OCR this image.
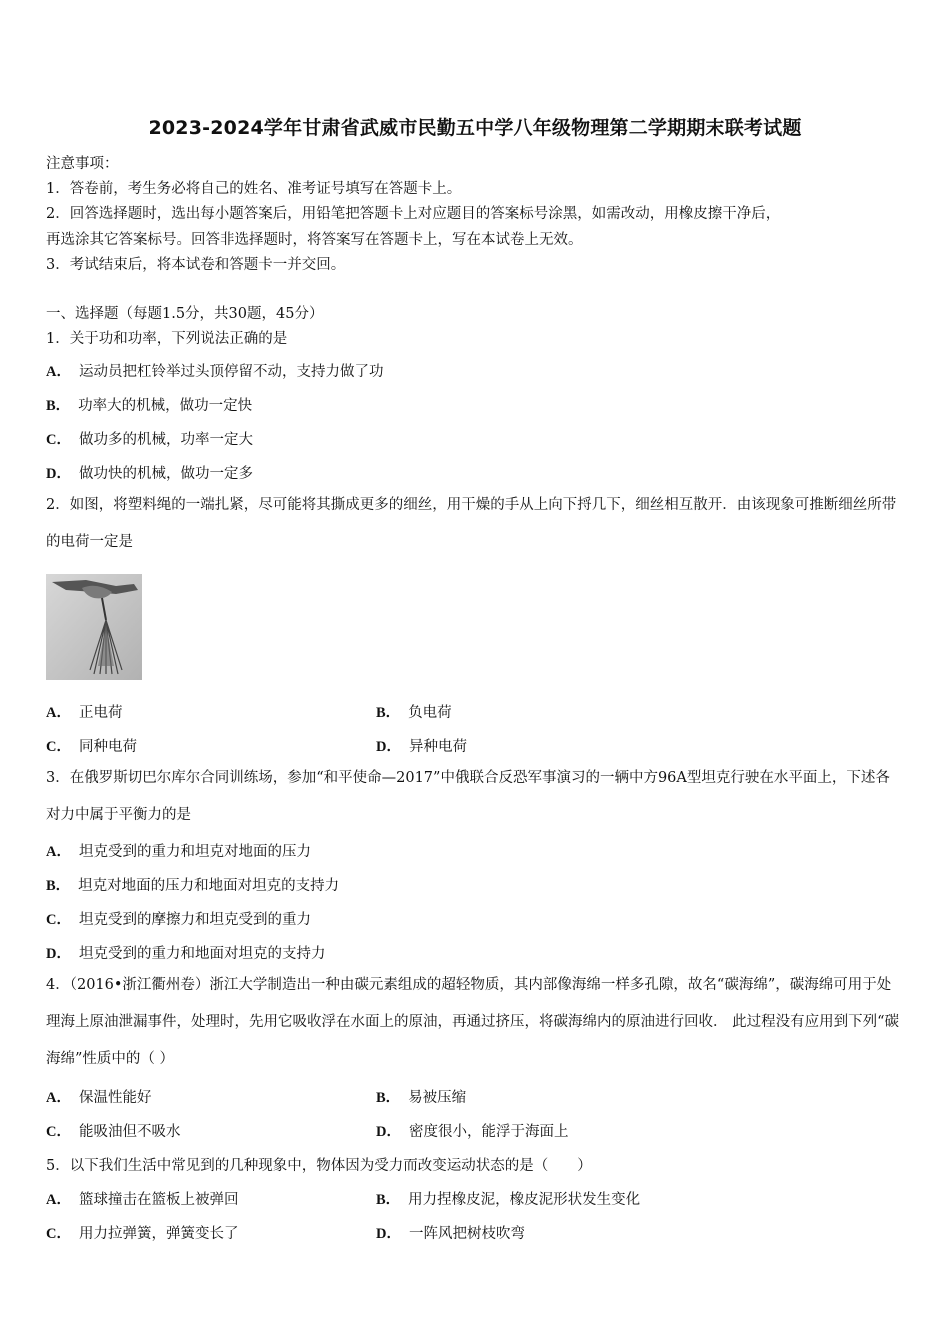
2023-2024学年甘肃省武威市民勤五中学八年级物理第二学期期末联考试题
注意事项：
1．答卷前，考生务必将自己的姓名、准考证号填写在答题卡上。
2．回答选择题时，选出每小题答案后，用铅笔把答题卡上对应题目的答案标号涂黑，如需改动，用橡皮擦干净后，
再选涂其它答案标号。回答非选择题时，将答案写在答题卡上，写在本试卷上无效。
3．考试结束后，将本试卷和答题卡一并交回。
一、选择题（每题1.5分，共30题，45分）
1．关于功和功率，下列说法正确的是
A． 运动员把杠铃举过头顶停留不动，支持力做了功
B． 功率大的机械，做功一定快
C． 做功多的机械，功率一定大
D． 做功快的机械，做功一定多
2．如图，将塑料绳的一端扎紧，尽可能将其撕成更多的细丝，用干燥的手从上向下捋几下，细丝相互散开．由该现象可推断细丝所带的电荷一定是
A． 正电荷	B． 负电荷
C． 同种电荷	D． 异种电荷
3．在俄罗斯切巴尔库尔合同训练场，参加“和平使命—2017”中俄联合反恐军事演习的一辆中方96A型坦克行驶在水平面上，下述各对力中属于平衡力的是
A． 坦克受到的重力和坦克对地面的压力
B． 坦克对地面的压力和地面对坦克的支持力
C． 坦克受到的摩擦力和坦克受到的重力
D． 坦克受到的重力和地面对坦克的支持力
4．（2016•浙江衢州卷）浙江大学制造出一种由碳元素组成的超轻物质，其内部像海绵一样多孔隙，故名“碳海绵”，碳海绵可用于处理海上原油泄漏事件，处理时，先用它吸收浮在水面上的原油，再通过挤压，将碳海绵内的原油进行回收． 此过程没有应用到下列“碳海绵”性质中的（ ）
A． 保温性能好	B． 易被压缩
C． 能吸油但不吸水	D． 密度很小，能浮于海面上
5．以下我们生活中常见到的几种现象中，物体因为受力而改变运动状态的是（　　）
A． 篮球撞击在篮板上被弹回	B． 用力捏橡皮泥，橡皮泥形状发生变化
C． 用力拉弹簧，弹簧变长了	D． 一阵风把树枝吹弯
